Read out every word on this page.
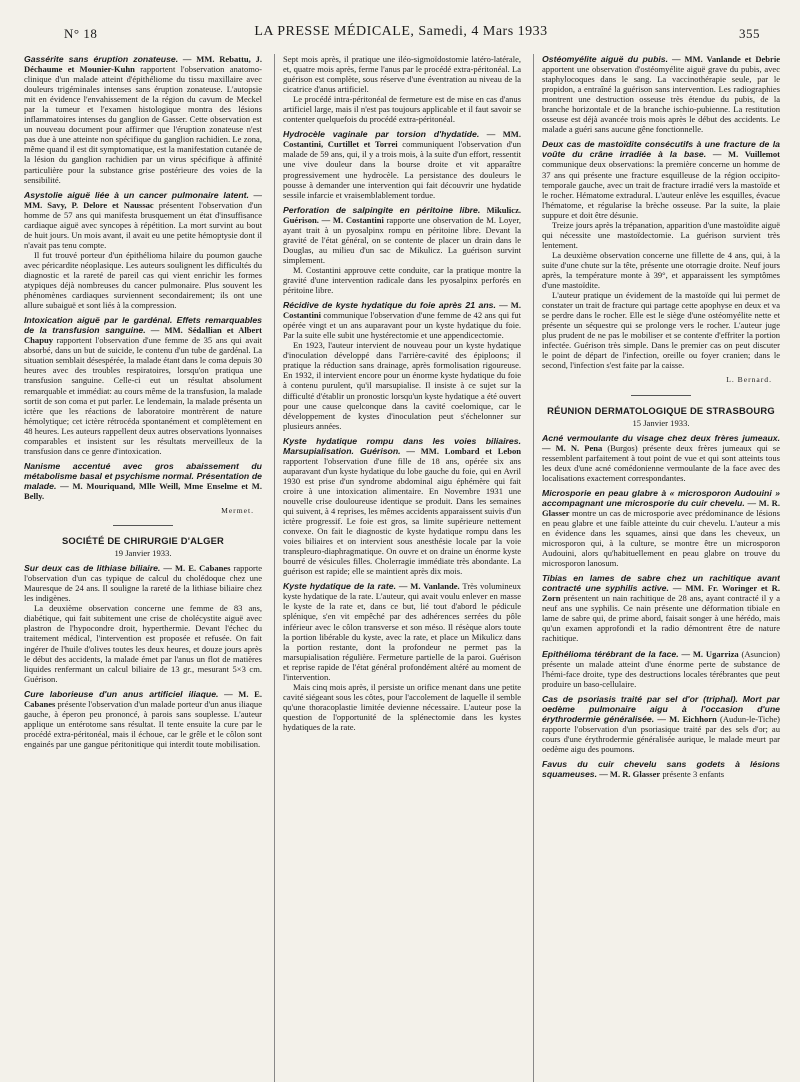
N° 18	LA PRESSE MÉDICALE, Samedi, 4 Mars 1933	355

Gassérite sans éruption zonateuse. — MM. Rebattu, J. Déchaume et Mounier-Kuhn rapportent l'observation anatomo-clinique d'un malade atteint d'épithéliome du tissu maxillaire avec douleurs trigéminales intenses sans éruption zonateuse. L'autopsie mit en évidence l'envahissement de la région du cavum de Meckel par la tumeur et l'examen histologique montra des lésions inflammatoires intenses du ganglion de Gasser. Cette observation est un nouveau document pour affirmer que l'éruption zonateuse n'est pas due à une atteinte non spécifique du ganglion rachidien. Le zona, même quand il est dit symptomatique, est la manifestation cutanée de la lésion du ganglion rachidien par un virus spécifique à affinité particulière pour la substance grise postérieure des voies de la sensibilité.

Asystolie aiguë liée à un cancer pulmonaire latent. — MM. Savy, P. Delore et Naussac présentent l'observation d'un homme de 57 ans qui manifesta brusquement un état d'insuffisance cardiaque aiguë avec syncopes à répétition. La mort survint au bout de huit jours. Un mois avant, il avait eu une petite hémoptysie dont il n'avait pas tenu compte.

Il fut trouvé porteur d'un épithélioma hilaire du poumon gauche avec péricardite néoplasique. Les auteurs soulignent les difficultés du diagnostic et la rareté de pareil cas qui vient enrichir les formes atypiques déjà nombreuses du cancer pulmonaire. Plus souvent les phénomènes cardiaques surviennent secondairement; ils ont une allure subaiguë et sont liés à la compression.

Intoxication aiguë par le gardénal. Effets remarquables de la transfusion sanguine. — MM. Sédallian et Albert Chapuy rapportent l'observation d'une femme de 35 ans qui avait absorbé, dans un but de suicide, le contenu d'un tube de gardénal. La situation semblait désespérée, la malade étant dans le coma depuis 30 heures avec des troubles respiratoires, lorsqu'on pratiqua une transfusion sanguine. Celle-ci eut un résultat absolument remarquable et immédiat: au cours même de la transfusion, la malade sortit de son coma et put parler. Le lendemain, la malade présenta un ictère que les réactions de laboratoire montrèrent de nature hémolytique; cet ictère rétrocéda spontanément et complètement en 48 heures. Les auteurs rappellent deux autres observations lyonnaises comparables et insistent sur les résultats merveilleux de la transfusion dans ce genre d'intoxication.

Nanisme accentué avec gros abaissement du métabolisme basal et psychisme normal. Présentation de malade. — M. Mouriquand, Mlle Weill, Mme Enselme et M. Belly.

Mermet.
SOCIÉTÉ DE CHIRURGIE D'ALGER
19 Janvier 1933.

Sur deux cas de lithiase biliaire. — M. E. Cabanes rapporte l'observation d'un cas typique de calcul du cholédoque chez une Mauresque de 24 ans. Il souligne la rareté de la lithiase biliaire chez les indigènes.

La deuxième observation concerne une femme de 83 ans, diabétique, qui fait subitement une crise de cholécystite aiguë avec plastron de l'hypocondre droit, hyperthermie. Devant l'échec du traitement médical, l'intervention est proposée et refusée. On fait ingérer de l'huile d'olives toutes les deux heures, et douze jours après le début des accidents, la malade émet par l'anus un flot de matières liquides renfermant un calcul biliaire de 13 gr., mesurant 5×3 cm. Guérison.

Cure laborieuse d'un anus artificiel iliaque. — M. E. Cabanes présente l'observation d'un malade porteur d'un anus iliaque gauche, à éperon peu prononcé, à parois sans souplesse. L'auteur applique un entérotome sans résultat. Il tente ensuite la cure par le procédé extra-péritonéal, mais il échoue, car le grêle et le côlon sont engainés par une gangue péritonitique qui interdit toute mobilisation.

Sept mois après, il pratique une iléo-sigmoïdostomie latéro-latérale, et, quatre mois après, ferme l'anus par le procédé extra-péritonéal. La guérison est complète, sous réserve d'une éventration au niveau de la cicatrice d'anus artificiel.

Le procédé intra-péritonéal de fermeture est de mise en cas d'anus artificiel large, mais il n'est pas toujours applicable et il faut savoir se contenter quelquefois du procédé extra-péritonéal.

Hydrocèle vaginale par torsion d'hydatide. — MM. Costantini, Curtillet et Torrei communiquent l'observation d'un malade de 59 ans, qui, il y a trois mois, à la suite d'un effort, ressentit une vive douleur dans la bourse droite et vit apparaître progressivement une hydrocèle. La persistance des douleurs le pousse à demander une intervention qui fait découvrir une hydatide sessile infarcie et vraisemblablement tordue.

Perforation de salpingite en péritoine libre. Mikulicz. Guérison. — M. Costantini rapporte une observation de M. Loyer, ayant trait à un pyosalpinx rompu en péritoine libre. Devant la gravité de l'état général, on se contente de placer un drain dans le Douglas, au milieu d'un sac de Mikulicz. La guérison survint simplement.

M. Costantini approuve cette conduite, car la pratique montre la gravité d'une intervention radicale dans les pyosalpinx perforés en péritoine libre.

Récidive de kyste hydatique du foie après 21 ans. — M. Costantini communique l'observation d'une femme de 42 ans qui fut opérée vingt et un ans auparavant pour un kyste hydatique du foie. Par la suite elle subit une hystérectomie et une appendicectomie.

En 1923, l'auteur intervient de nouveau pour un kyste hydatique d'inoculation développé dans l'arrière-cavité des épiploons; il pratique la réduction sans drainage, après formolisation rigoureuse. En 1932, il intervient encore pour un énorme kyste hydatique du foie à contenu purulent, qu'il marsupialise. Il insiste à ce sujet sur la difficulté d'établir un pronostic lorsqu'un kyste hydatique a été ouvert pour une cause quelconque dans la cavité coelomique, car le développement de kystes d'inoculation peut s'échelonner sur plusieurs années.

Kyste hydatique rompu dans les voies biliaires. Marsupialisation. Guérison. — MM. Lombard et Lebon rapportent l'observation d'une fille de 18 ans, opérée six ans auparavant d'un kyste hydatique du lobe gauche du foie, qui en Avril 1930 est prise d'un syndrome abdominal aigu éphémère qui fait croire à une intoxication alimentaire. En Novembre 1931 une nouvelle crise douloureuse identique se produit. Dans les semaines qui suivent, à 4 reprises, les mêmes accidents apparaissent suivis d'un ictère progressif. Le foie est gros, sa limite supérieure nettement convexe. On fait le diagnostic de kyste hydatique rompu dans les voies biliaires et on intervient sous anesthésie locale par la voie transpleuro-diaphragmatique. On ouvre et on draine un énorme kyste bourré de vésicules filles. Cholerragie immédiate très abondante. La guérison est rapide; elle se maintient après dix mois.

Kyste hydatique de la rate. — M. Vanlande. Très volumineux kyste hydatique de la rate. L'auteur, qui avait voulu enlever en masse le kyste de la rate et, dans ce but, lié tout d'abord le pédicule splénique, s'en vit empêché par des adhérences serrées du pôle inférieur avec le côlon transverse et son méso. Il résèque alors toute la portion libérable du kyste, avec la rate, et place un Mikulicz dans la portion restante, dont la profondeur ne permet pas la marsupialisation régulière. Fermeture partielle de la paroi. Guérison et reprise rapide de l'état général profondément altéré au moment de l'intervention.

Mais cinq mois après, il persiste un orifice menant dans une petite cavité siégeant sous les côtes, pour l'accolement de laquelle il semble qu'une thoracoplastie limitée devienne nécessaire. L'auteur pose la question de l'opportunité de la splénectomie dans les kystes hydatiques de la rate.

Ostéomyélite aiguë du pubis. — MM. Vanlande et Debrie apportent une observation d'ostéomyélite aiguë grave du pubis, avec staphylocoques dans le sang. La vaccinothérapie seule, par le propidon, a entraîné la guérison sans intervention. Les radiographies montrent une destruction osseuse très étendue du pubis, de la branche horizontale et de la branche ischio-pubienne. La restitution osseuse est déjà avancée trois mois après le début des accidents. Le malade a guéri sans aucune gêne fonctionnelle.

Deux cas de mastoïdite consécutifs à une fracture de la voûte du crâne irradiée à la base. — M. Vuillemot communique deux observations: la première concerne un homme de 37 ans qui présente une fracture esquilleuse de la région occipito-temporale gauche, avec un trait de fracture irradié vers la mastoïde et le rocher. Hématome extradural. L'auteur enlève les esquilles, évacue l'hématome, et régularise la brèche osseuse. Par la suite, la plaie suppure et doit être désunie.

Treize jours après la trépanation, apparition d'une mastoïdite aiguë qui nécessite une mastoïdectomie. La guérison survient très lentement.

La deuxième observation concerne une fillette de 4 ans, qui, à la suite d'une chute sur la tête, présente une otorragie droite. Neuf jours après, la température monte à 39°, et apparaissent les symptômes d'une mastoïdite.

L'auteur pratique un évidement de la mastoïde qui lui permet de constater un trait de fracture qui partage cette apophyse en deux et va se perdre dans le rocher. Elle est le siège d'une ostéomyélite nette et présente un séquestre qui se prolonge vers le rocher. L'auteur juge plus prudent de ne pas le mobiliser et se contente d'effriter la portion infectée. Guérison très simple. Dans le premier cas on peut discuter le point de départ de l'infection, oreille ou foyer cranien; dans le second, l'infection s'est faite par la caisse.

L. Bernard.
RÉUNION DERMATOLOGIQUE DE STRASBOURG
15 Janvier 1933.

Acné vermoulante du visage chez deux frères jumeaux. — M. N. Pena (Burgos) présente deux frères jumeaux qui se ressemblent parfaitement à tout point de vue et qui sont atteints tous les deux d'une acné comédonienne vermoulante de la face avec des localisations exactement correspondantes.

Microsporie en peau glabre à « microsporon Audouini » accompagnant une microsporie du cuir chevelu. — M. R. Glasser montre un cas de microsporie avec prédominance de lésions en peau glabre et une faible atteinte du cuir chevelu. L'auteur a mis en évidence dans les squames, ainsi que dans les cheveux, un microsporon qui, à la culture, se montre être un microsporon Audouini, alors qu'habituellement en peau glabre on trouve du microsporon lanosum.

Tibias en lames de sabre chez un rachitique avant contracté une syphilis active. — MM. Fr. Woringer et R. Zorn présentent un nain rachitique de 28 ans, ayant contracté il y a neuf ans une syphilis. Ce nain présente une déformation tibiale en lame de sabre qui, de prime abord, faisait songer à une hérédo, mais qu'un examen approfondi et la radio démontrent être de nature rachitique.

Epithélioma térébrant de la face. — M. Ugarriza (Asuncion) présente un malade atteint d'une énorme perte de substance de l'hémi-face droite, type des destructions locales térébrantes que peut produire un baso-cellulaire.

Cas de psoriasis traité par sel d'or (triphal). Mort par oedème pulmonaire aigu à l'occasion d'une érythrodermie généralisée. — M. Eichhorn (Audun-le-Tiche) rapporte l'observation d'un psoriasique traité par des sels d'or; au cours d'une érythrodermie généralisée aurique, le malade meurt par oedème aigu des poumons.

Favus du cuir chevelu sans godets à lésions squameuses. — M. R. Glasser présente 3 enfants
